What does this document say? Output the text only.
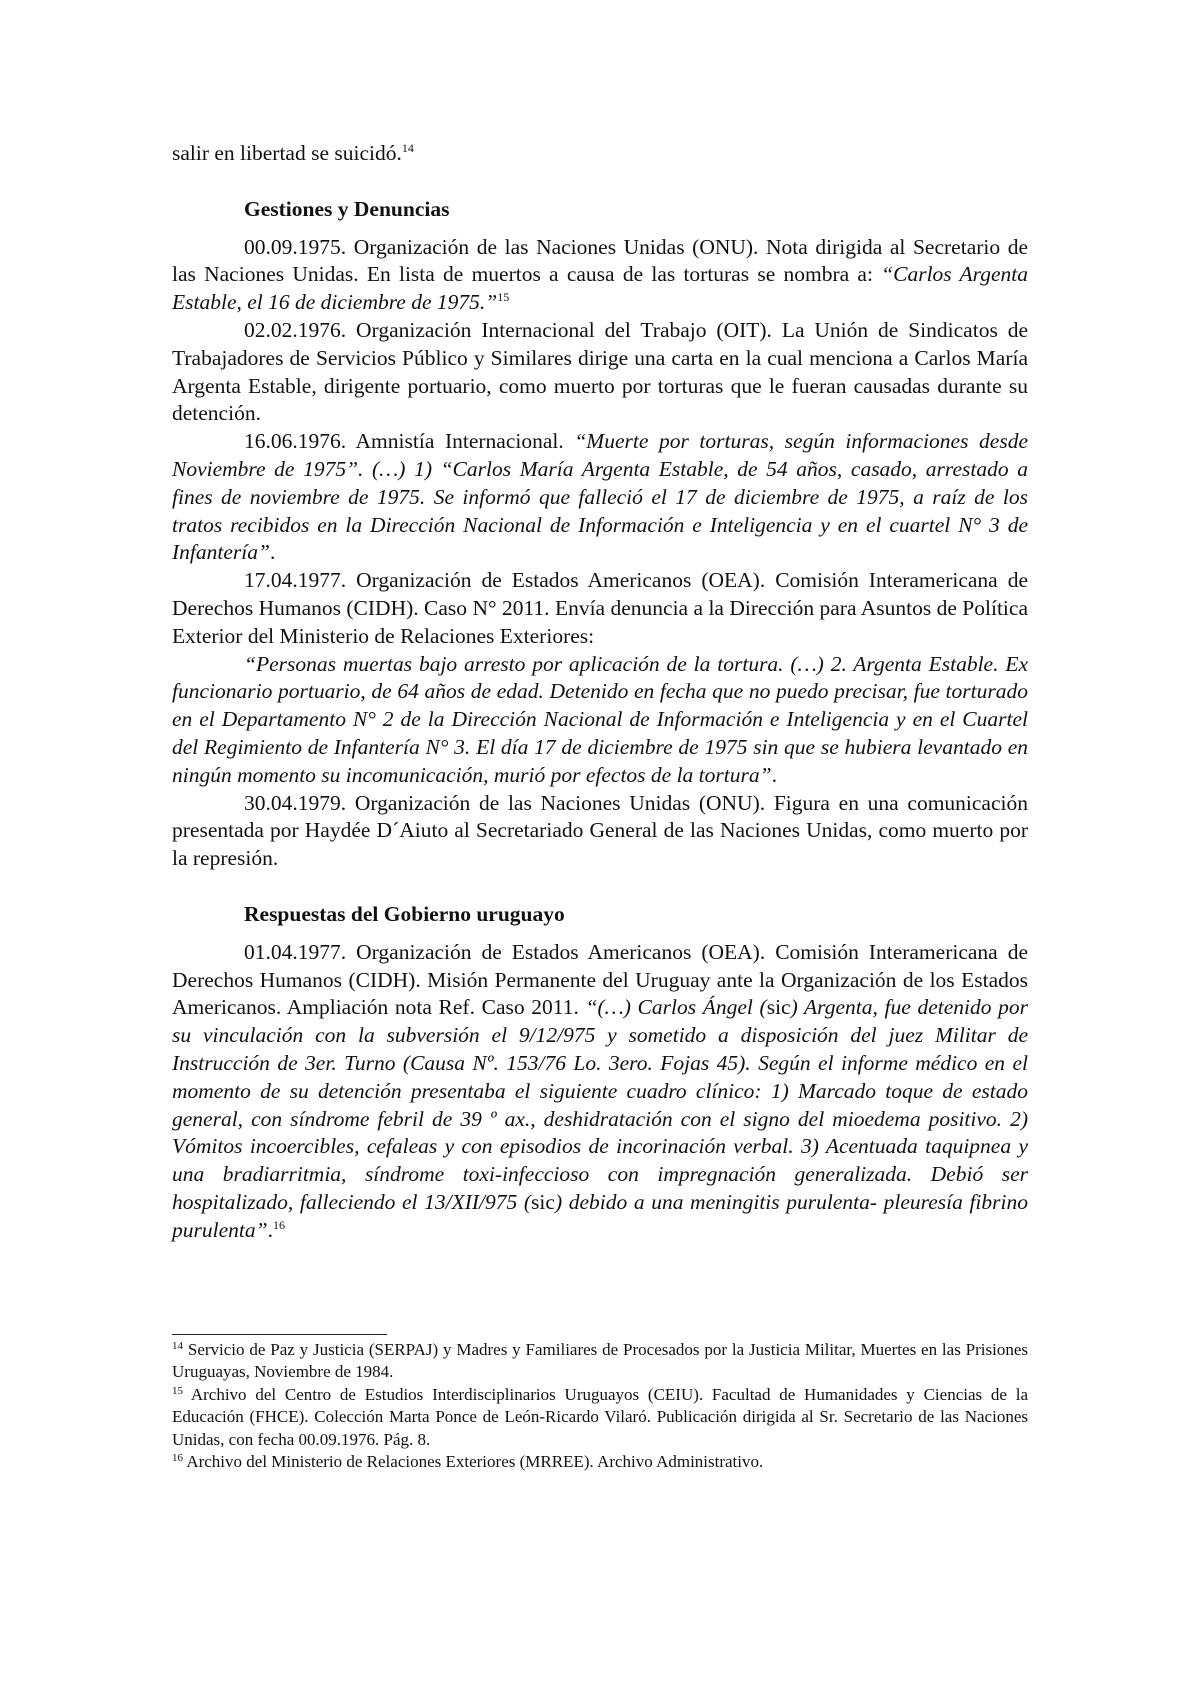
salir en libertad se suicidó.$^{14}$

Gestiones y Denuncias

00.09.1975. Organización de las Naciones Unidas (ONU). Nota dirigida al Secretario de las Naciones Unidas. En lista de muertos a causa de las torturas se nombra a: “Carlos Argenta Estable, el 16 de diciembre de 1975.”$^{15}$

02.02.1976. Organización Internacional del Trabajo (OIT). La Unión de Sindicatos de Trabajadores de Servicios Público y Similares dirige una carta en la cual menciona a Carlos María Argenta Estable, dirigente portuario, como muerto por torturas que le fueran causadas durante su detención.

16.06.1976. Amnistía Internacional. “Muerte por torturas, según informaciones desde Noviembre de 1975”. (…) 1) “Carlos María Argenta Estable, de 54 años, casado, arrestado a fines de noviembre de 1975. Se informó que falleció el 17 de diciembre de 1975, a raíz de los tratos recibidos en la Dirección Nacional de Información e Inteligencia y en el cuartel N° 3 de Infantería”.

17.04.1977. Organización de Estados Americanos (OEA). Comisión Interamericana de Derechos Humanos (CIDH). Caso N° 2011. Envía denuncia a la Dirección para Asuntos de Política Exterior del Ministerio de Relaciones Exteriores:

“Personas muertas bajo arresto por aplicación de la tortura. (…) 2. Argenta Estable. Ex funcionario portuario, de 64 años de edad. Detenido en fecha que no puedo precisar, fue torturado en el Departamento N° 2 de la Dirección Nacional de Información e Inteligencia y en el Cuartel del Regimiento de Infantería N° 3. El día 17 de diciembre de 1975 sin que se hubiera levantado en ningún momento su incomunicación, murió por efectos de la tortura”.

30.04.1979. Organización de las Naciones Unidas (ONU). Figura en una comunicación presentada por Haydée D´Aiuto al Secretariado General de las Naciones Unidas, como muerto por la represión.

Respuestas del Gobierno uruguayo

01.04.1977. Organización de Estados Americanos (OEA). Comisión Interamericana de Derechos Humanos (CIDH). Misión Permanente del Uruguay ante la Organización de los Estados Americanos. Ampliación nota Ref. Caso 2011. “(…) Carlos Ángel (sic) Argenta, fue detenido por su vinculación con la subversión el 9/12/975 y sometido a disposición del juez Militar de Instrucción de 3er. Turno (Causa Nº. 153/76 Lo. 3ero. Fojas 45). Según el informe médico en el momento de su detención presentaba el siguiente cuadro clínico: 1) Marcado toque de estado general, con síndrome febril de 39 º ax., deshidratación con el signo del mioedema positivo. 2) Vómitos incoercibles, cefaleas y con episodios de incorinación verbal. 3) Acentuada taquipnea y una bradiarritmia, síndrome toxi-infeccioso con impregnación generalizada. Debió ser hospitalizado, falleciendo el 13/XII/975 (sic) debido a una meningitis purulenta- pleuresía fibrino purulenta”.$^{16}$

$^{14}$ Servicio de Paz y Justicia (SERPAJ) y Madres y Familiares de Procesados por la Justicia Militar, Muertes en las Prisiones Uruguayas, Noviembre de 1984.

$^{15}$ Archivo del Centro de Estudios Interdisciplinarios Uruguayos (CEIU). Facultad de Humanidades y Ciencias de la Educación (FHCE). Colección Marta Ponce de León-Ricardo Vilaró. Publicación dirigida al Sr. Secretario de las Naciones Unidas, con fecha 00.09.1976. Pág. 8.

$^{16}$ Archivo del Ministerio de Relaciones Exteriores (MRREE). Archivo Administrativo.
